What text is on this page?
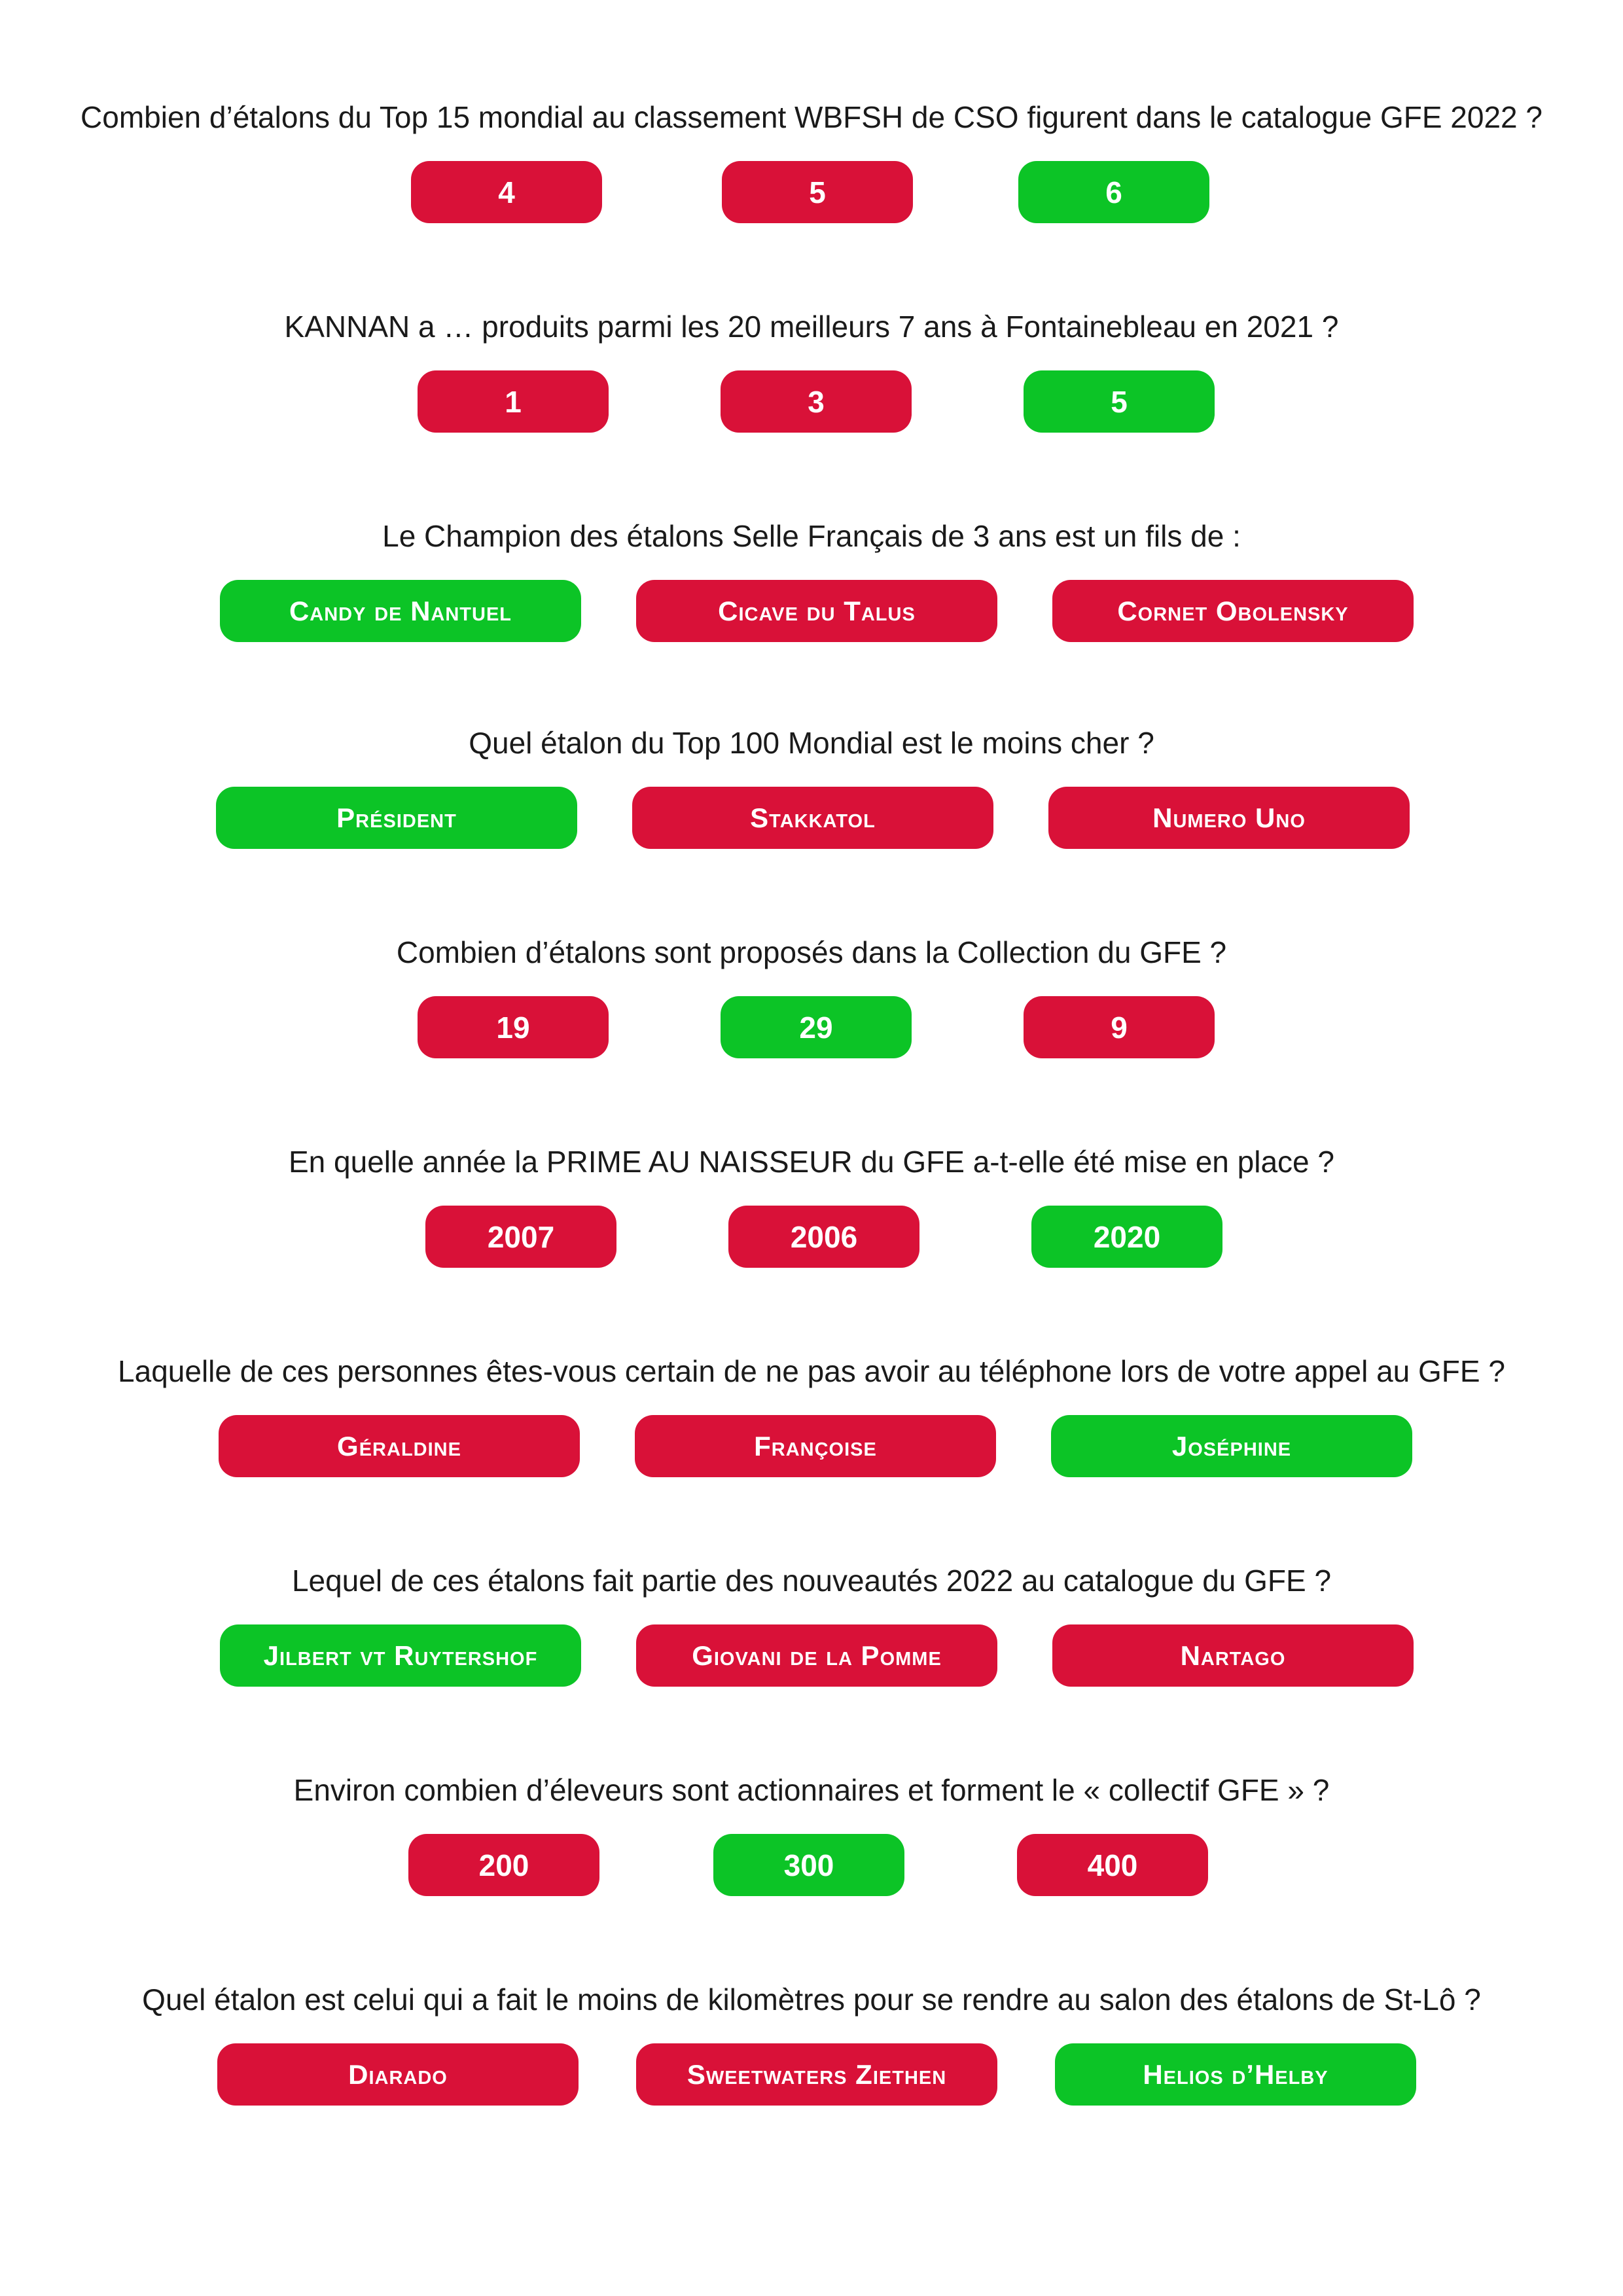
Combien d’étalons du Top 15 mondial au classement WBFSH de CSO figurent dans le catalogue GFE 2022 ?
4	5	6
KANNAN a … produits parmi les 20 meilleurs 7 ans à Fontainebleau en 2021 ?
1	3	5
Le Champion des étalons Selle Français de 3 ans est un fils de :
Candy de Nantuel	Cicave du Talus	Cornet Obolensky
Quel étalon du Top 100 Mondial est le moins cher ?
Président	Stakkatol	Numero Uno
Combien d’étalons sont proposés dans la Collection du GFE ?
19	29	9
En quelle année la PRIME AU NAISSEUR du GFE a-t-elle été mise en place ?
2007	2006	2020
Laquelle de ces personnes êtes-vous certain de ne pas avoir au téléphone lors de votre appel au GFE ?
Géraldine	Françoise	Joséphine
Lequel de ces étalons fait partie des nouveautés 2022 au catalogue du GFE ?
Jilbert vt Ruytershof	Giovani de la Pomme	Nartago
Environ combien d’éleveurs sont actionnaires et forment le « collectif GFE » ?
200	300	400
Quel étalon est celui qui a fait le moins de kilomètres pour se rendre au salon des étalons de St-Lô ?
Diarado	Sweetwaters Ziethen	Helios d’Helby
